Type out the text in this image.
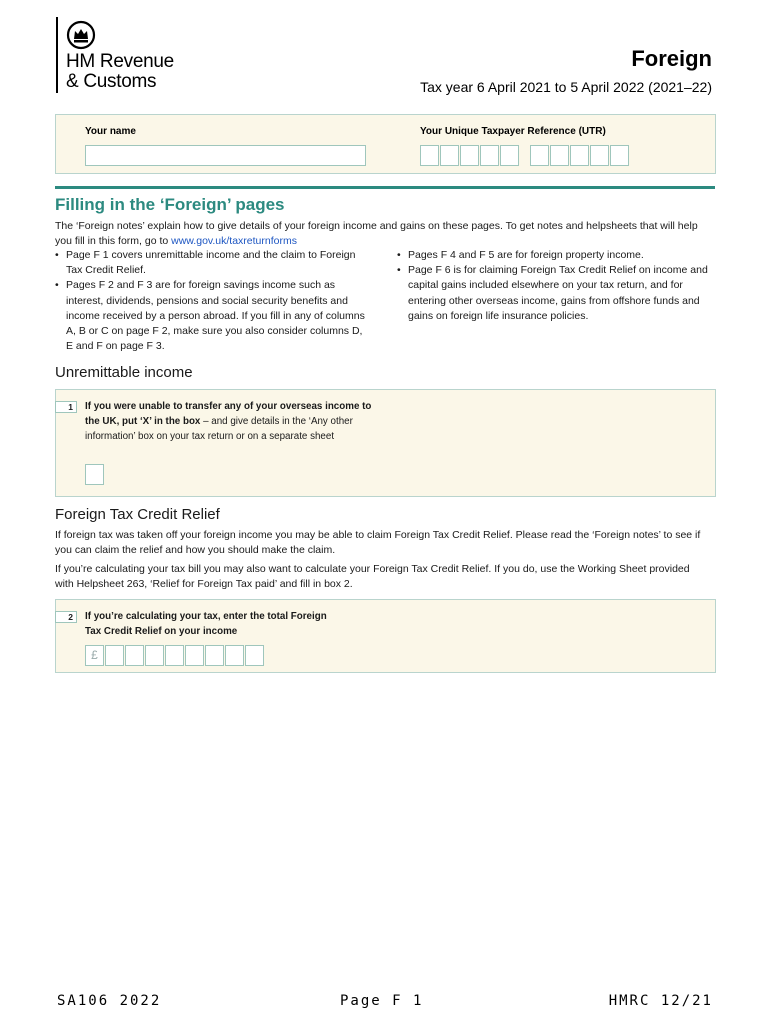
HM Revenue
& Customs
Foreign
Tax year 6 April 2021 to 5 April 2022 (2021–22)
Your name	Your Unique Taxpayer Reference (UTR)
Filling in the ‘Foreign’ pages
The ‘Foreign notes’ explain how to give details of your foreign income and gains on these pages. To get notes and helpsheets that will help you fill in this form, go to www.gov.uk/taxreturnforms
• Page F 1 covers unremittable income and the claim to Foreign Tax Credit Relief.
• Pages F 2 and F 3 are for foreign savings income such as interest, dividends, pensions and social security benefits and income received by a person abroad. If you fill in any of columns A, B or C on page F 2, make sure you also consider columns D, E and F on page F 3.
• Pages F 4 and F 5 are for foreign property income.
• Page F 6 is for claiming Foreign Tax Credit Relief on income and capital gains included elsewhere on your tax return, and for entering other overseas income, gains from offshore funds and gains on foreign life insurance policies.
Unremittable income
1	If you were unable to transfer any of your overseas income to the UK, put ‘X’ in the box – and give details in the ‘Any other information’ box on your tax return or on a separate sheet
Foreign Tax Credit Relief
If foreign tax was taken off your foreign income you may be able to claim Foreign Tax Credit Relief. Please read the ‘Foreign notes’ to see if you can claim the relief and how you should make the claim.
If you’re calculating your tax bill you may also want to calculate your Foreign Tax Credit Relief. If you do, use the Working Sheet provided with Helpsheet 263, ‘Relief for Foreign Tax paid’ and fill in box 2.
2	If you’re calculating your tax, enter the total Foreign Tax Credit Relief on your income
£
SA106 2022	Page F 1	HMRC 12/21
